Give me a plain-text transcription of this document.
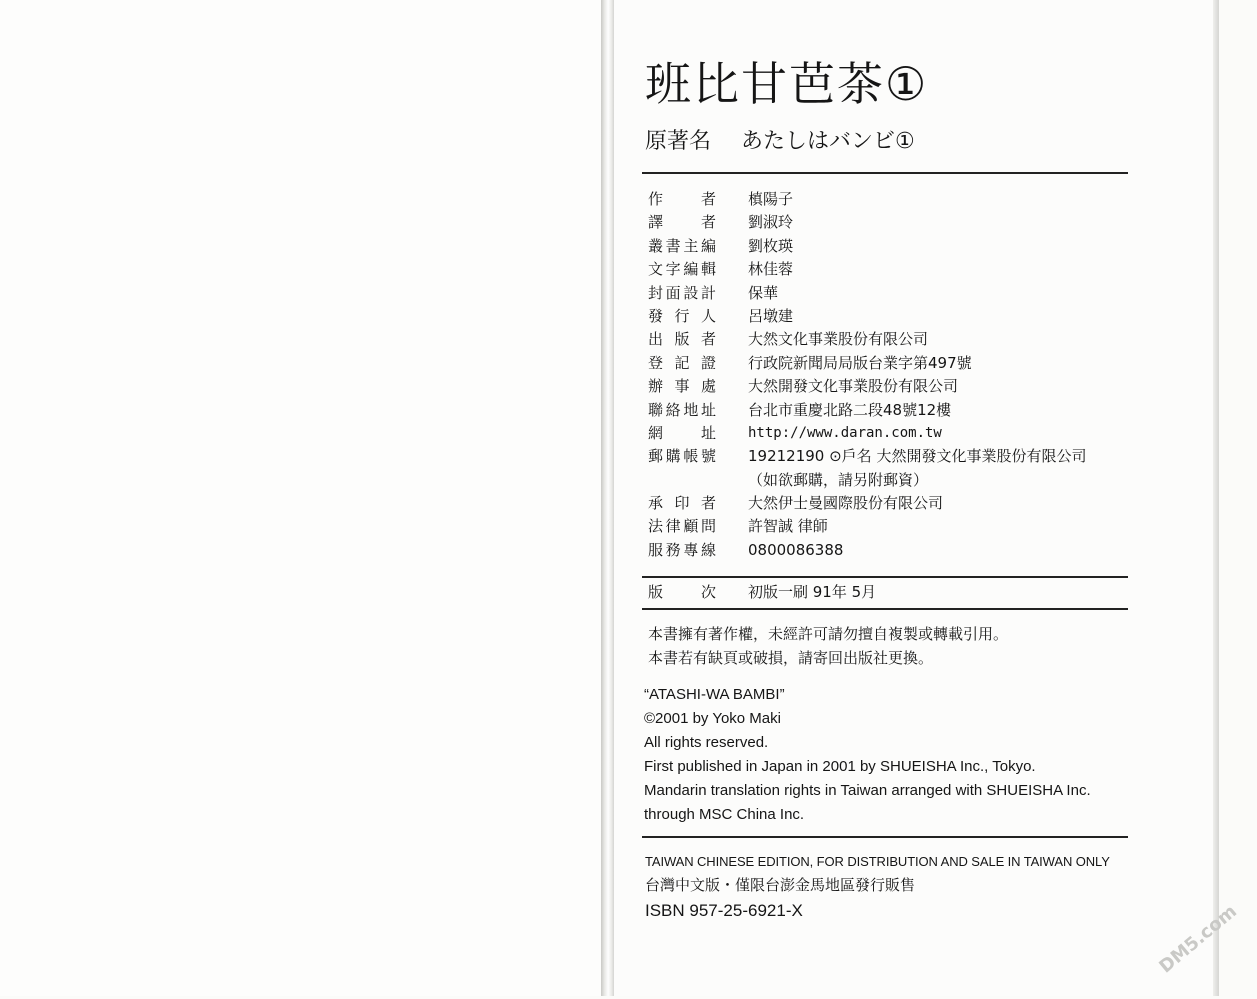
班比甘芭茶①
原著名 あたしはバンビ①
作者 槙陽子
譯者 劉淑玲
叢書主編 劉枚瑛
文字編輯 林佳蓉
封面設計 保華
發行人 呂墩建
出版者 大然文化事業股份有限公司
登記證 行政院新聞局局版台業字第497號
辦事處 大然開發文化事業股份有限公司
聯絡地址 台北市重慶北路二段48號12樓
網址 http://www.daran.com.tw
郵購帳號 19212190 ⊙戶名 大然開發文化事業股份有限公司
（如欲郵購，請另附郵資）
承印者 大然伊士曼國際股份有限公司
法律顧問 許智誠 律師
服務專線 0800086388
版次 初版一刷 91年 5月

本書擁有著作權，未經許可請勿擅自複製或轉載引用。

本書若有缺頁或破損，請寄回出版社更換。

“ATASHI-WA BAMBI”

©2001 by Yoko Maki

All rights reserved.

First published in Japan in 2001 by SHUEISHA Inc., Tokyo.

Mandarin translation rights in Taiwan arranged with SHUEISHA Inc.

through MSC China Inc.

TAIWAN CHINESE EDITION, FOR DISTRIBUTION AND SALE IN TAIWAN ONLY

台灣中文版・僅限台澎金馬地區發行販售

ISBN 957-25-6921-X	DM5.com
